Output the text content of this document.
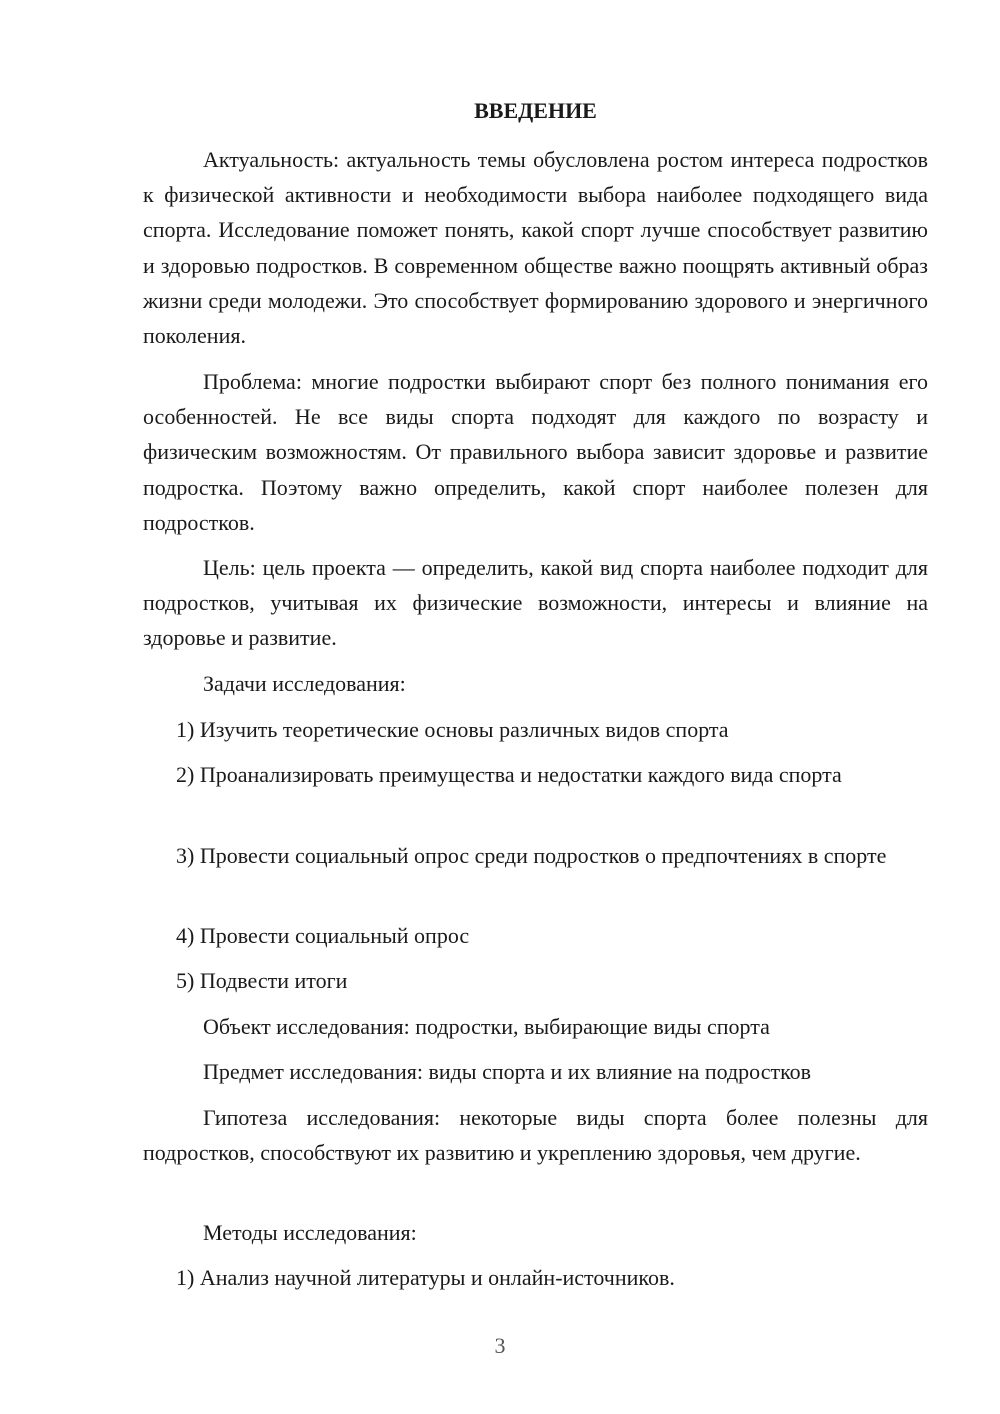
ВВЕДЕНИЕ

Актуальность: актуальность темы обусловлена ростом интереса подростков к физической активности и необходимости выбора наиболее подходящего вида спорта. Исследование поможет понять, какой спорт лучше способствует развитию и здоровью подростков. В современном обществе важно поощрять активный образ жизни среди молодежи. Это способствует формированию здорового и энергичного поколения.

Проблема: многие подростки выбирают спорт без полного понимания его особенностей. Не все виды спорта подходят для каждого по возрасту и физическим возможностям. От правильного выбора зависит здоровье и развитие подростка. Поэтому важно определить, какой спорт наиболее полезен для подростков.

Цель: цель проекта — определить, какой вид спорта наиболее подходит для подростков, учитывая их физические возможности, интересы и влияние на здоровье и развитие.

Задачи исследования:

1) Изучить теоретические основы различных видов спорта

2) Проанализировать преимущества и недостатки каждого вида спорта

3) Провести социальный опрос среди подростков о предпочтениях в спорте

4) Провести социальный опрос

5) Подвести итоги

Объект исследования: подростки, выбирающие виды спорта

Предмет исследования: виды спорта и их влияние на подростков

Гипотеза исследования: некоторые виды спорта более полезны для подростков, способствуют их развитию и укреплению здоровья, чем другие.

Методы исследования:

1) Анализ научной литературы и онлайн-источников.

3
